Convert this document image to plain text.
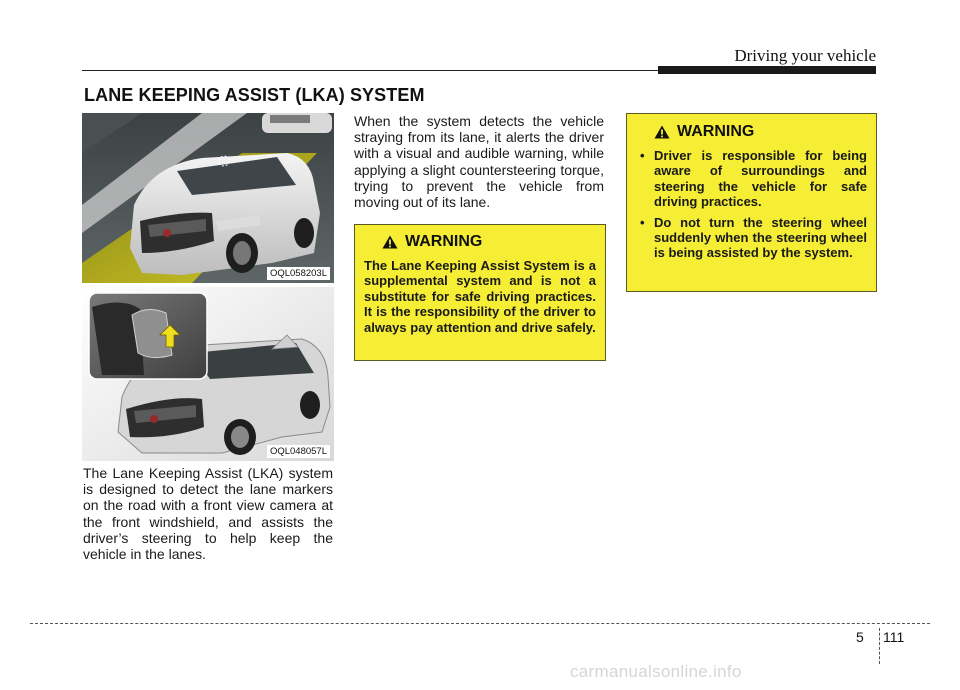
Driving your vehicle
LANE KEEPING ASSIST (LKA) SYSTEM
OQL058203L
OQL048057L

The Lane Keeping Assist (LKA) system is designed to detect the lane markers on the road with a front view camera at the front windshield, and assists the driver’s steering to help keep the vehicle in the lanes.

When the system detects the vehicle straying from its lane, it alerts the driver with a visual and audible warning, while applying a slight countersteering torque, trying to prevent the vehicle from moving out of its lane.

WARNING

The Lane Keeping Assist System is a supplemental system and is not a substitute for safe driving practices. It is the responsibility of the driver to always pay attention and drive safely.

WARNING
• Driver is responsible for being aware of surroundings and steering the vehicle for safe driving practices.
• Do not turn the steering wheel suddenly when the steering wheel is being assisted by the system.
5 111
carmanualsonline.info
